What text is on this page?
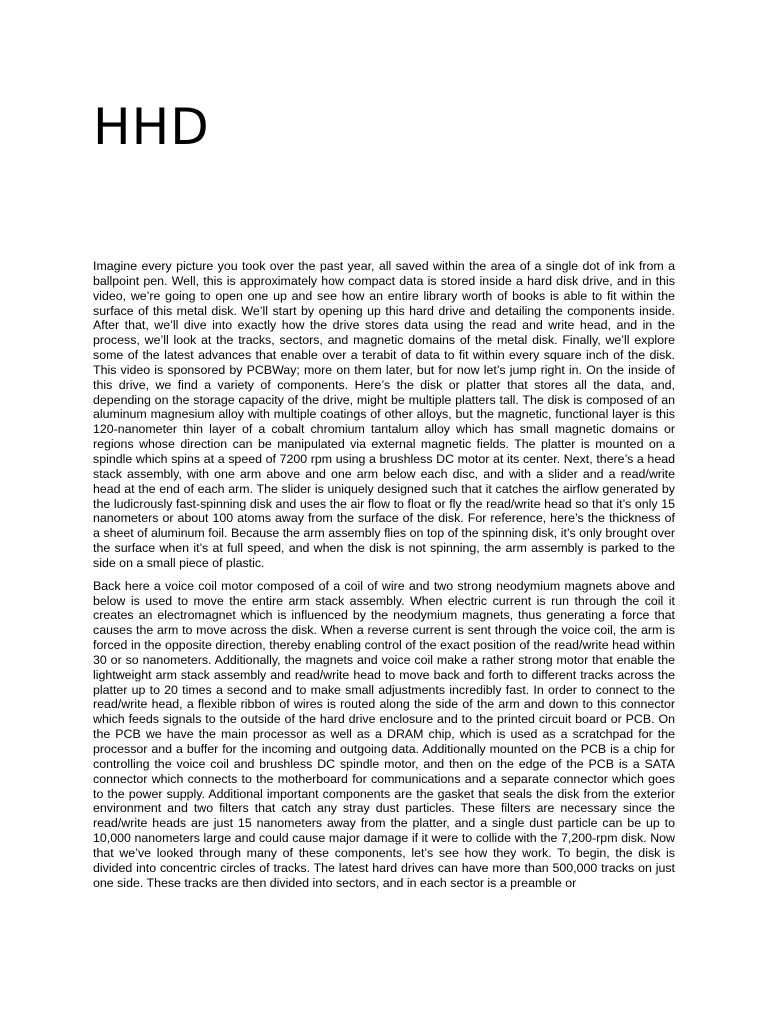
HHD

Imagine every picture you took over the past year, all saved within the area of a single dot of ink from a ballpoint pen. Well, this is approximately how compact data is stored inside a hard disk drive, and in this video, we’re going to open one up and see how an entire library worth of books is able to fit within the surface of this metal disk. We’ll start by opening up this hard drive and detailing the components inside. After that, we’ll dive into exactly how the drive stores data using the read and write head, and in the process, we’ll look at the tracks, sectors, and magnetic domains of the metal disk. Finally, we’ll explore some of the latest advances that enable over a terabit of data to fit within every square inch of the disk. This video is sponsored by PCBWay; more on them later, but for now let’s jump right in. On the inside of this drive, we find a variety of components. Here’s the disk or platter that stores all the data, and, depending on the storage capacity of the drive, might be multiple platters tall. The disk is composed of an aluminum magnesium alloy with multiple coatings of other alloys, but the magnetic, functional layer is this 120-nanometer thin layer of a cobalt chromium tantalum alloy which has small magnetic domains or regions whose direction can be manipulated via external magnetic fields. The platter is mounted on a spindle which spins at a speed of 7200 rpm using a brushless DC motor at its center. Next, there’s a head stack assembly, with one arm above and one arm below each disc, and with a slider and a read/write head at the end of each arm. The slider is uniquely designed such that it catches the airflow generated by the ludicrously fast-spinning disk and uses the air flow to float or fly the read/write head so that it’s only 15 nanometers or about 100 atoms away from the surface of the disk. For reference, here’s the thickness of a sheet of aluminum foil. Because the arm assembly flies on top of the spinning disk, it’s only brought over the surface when it’s at full speed, and when the disk is not spinning, the arm assembly is parked to the side on a small piece of plastic.

Back here a voice coil motor composed of a coil of wire and two strong neodymium magnets above and below is used to move the entire arm stack assembly. When electric current is run through the coil it creates an electromagnet which is influenced by the neodymium magnets, thus generating a force that causes the arm to move across the disk. When a reverse current is sent through the voice coil, the arm is forced in the opposite direction, thereby enabling control of the exact position of the read/write head within 30 or so nanometers. Additionally, the magnets and voice coil make a rather strong motor that enable the lightweight arm stack assembly and read/write head to move back and forth to different tracks across the platter up to 20 times a second and to make small adjustments incredibly fast. In order to connect to the read/write head, a flexible ribbon of wires is routed along the side of the arm and down to this connector which feeds signals to the outside of the hard drive enclosure and to the printed circuit board or PCB. On the PCB we have the main processor as well as a DRAM chip, which is used as a scratchpad for the processor and a buffer for the incoming and outgoing data. Additionally mounted on the PCB is a chip for controlling the voice coil and brushless DC spindle motor, and then on the edge of the PCB is a SATA connector which connects to the motherboard for communications and a separate connector which goes to the power supply. Additional important components are the gasket that seals the disk from the exterior environment and two filters that catch any stray dust particles. These filters are necessary since the read/write heads are just 15 nanometers away from the platter, and a single dust particle can be up to 10,000 nanometers large and could cause major damage if it were to collide with the 7,200-rpm disk. Now that we’ve looked through many of these components, let’s see how they work. To begin, the disk is divided into concentric circles of tracks. The latest hard drives can have more than 500,000 tracks on just one side. These tracks are then divided into sectors, and in each sector is a preamble or
